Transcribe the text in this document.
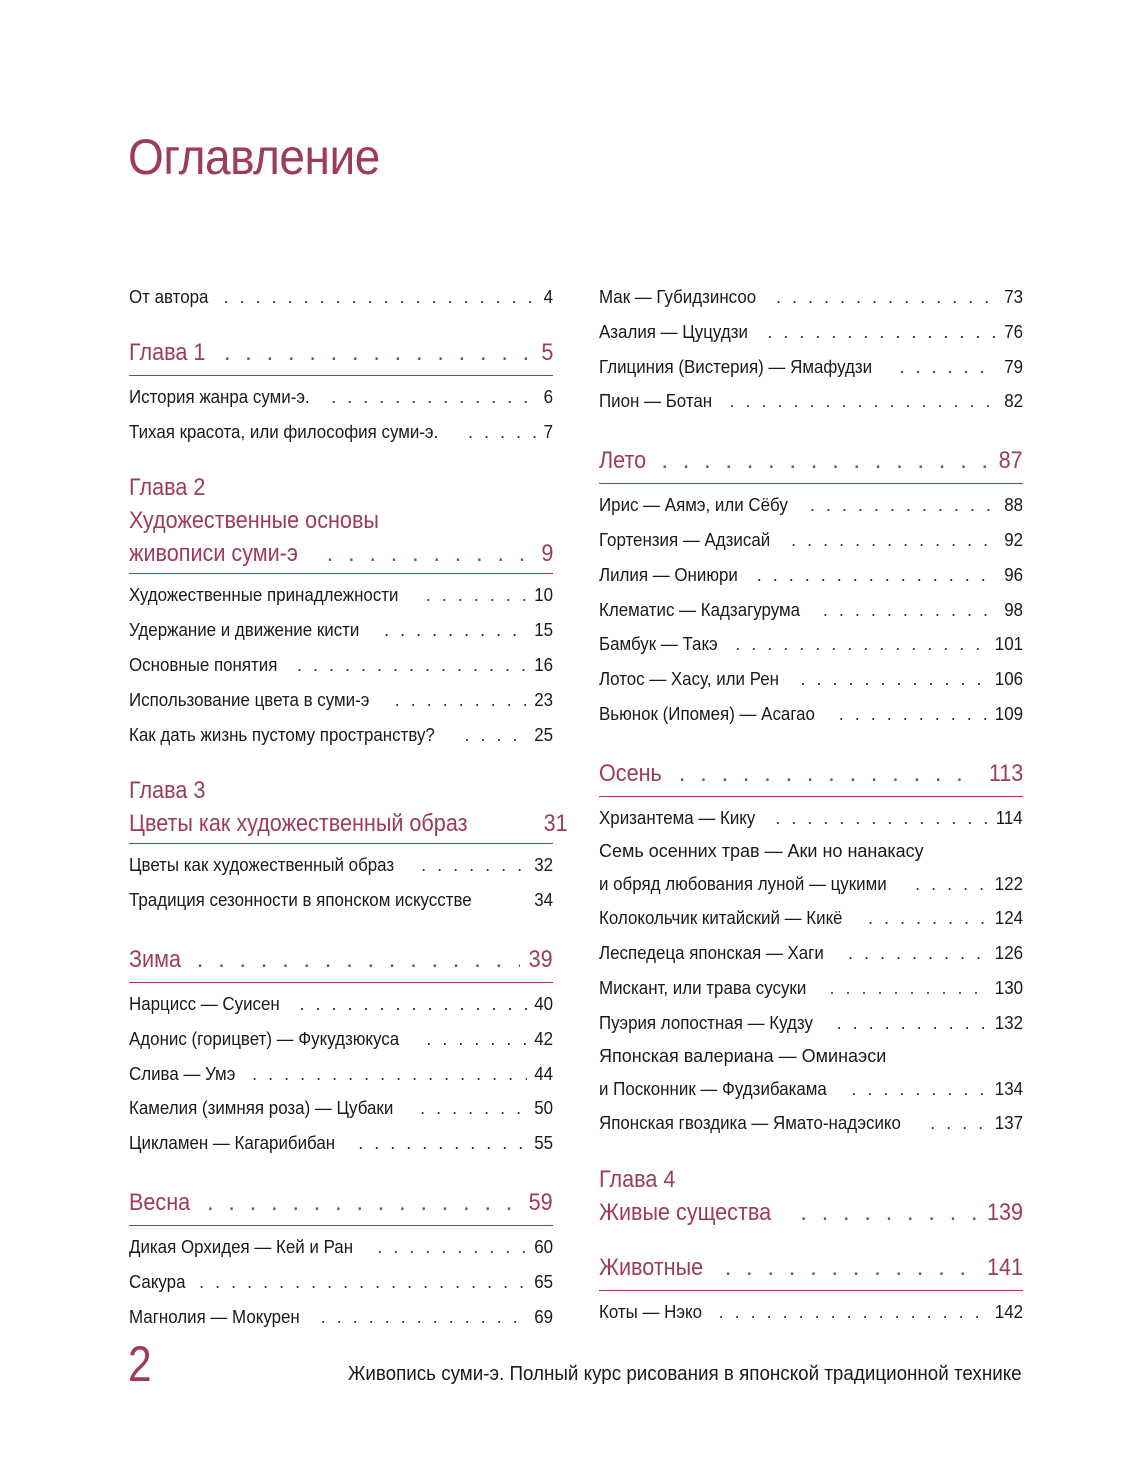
Оглавление
От автора . . .	4
Глава 1 . . .	5
История жанра суми-э. . . .	6
Тихая красота, или философия суми-э. . . .	7
Глава 2
Художественные основы
живописи суми-э . . .	9
Художественные принадлежности . . .	10
Удержание и движение кисти . . .	15
Основные понятия . . .	16
Использование цвета в суми-э . . .	23
Как дать жизнь пустому пространству? . . .	25
Глава 3
Цветы как художественный образ	31
Цветы как художественный образ . . .	32
Традиция сезонности в японском искусстве	34
Зима . . .	39
Нарцисс — Суисен . . .	40
Адонис (горицвет) — Фукудзюкуса . . .	42
Слива — Умэ . . .	44
Камелия (зимняя роза) — Цубаки . . .	50
Цикламен — Кагарибибан . . .	55
Весна . . .	59
Дикая Орхидея — Кей и Ран . . .	60
Сакура . . .	65
Магнолия — Мокурен . . .	69
Мак — Губидзинсоо . . .	73
Азалия — Цуцудзи . . .	76
Глициния (Вистерия) — Ямафудзи . . .	79
Пион — Ботан . . .	82
Лето . . .	87
Ирис — Аямэ, или Сёбу . . .	88
Гортензия — Адзисай . . .	92
Лилия — Ониюри . . .	96
Клематис — Кадзагурума . . .	98
Бамбук — Такэ . . .	101
Лотос — Хасу, или Рен . . .	106
Вьюнок (Ипомея) — Асагао . . .	109
Осень . . .	113
Хризантема — Кику . . .	114
Семь осенних трав — Аки но нанакасу
и обряд любования луной — цукими . . .	122
Колокольчик китайский — Кикё . . .	124
Леспедеца японская — Хаги . . .	126
Мискант, или трава сусуки . . .	130
Пуэрия лопостная — Кудзу . . .	132
Японская валериана — Оминаэси
и Посконник — Фудзибакама . . .	134
Японская гвоздика — Ямато-надэсико . . .	137
Глава 4
Живые существа . . .	139
Животные . . .	141
Коты — Нэко . . .	142
2	Живопись суми-э. Полный курс рисования в японской традиционной технике
